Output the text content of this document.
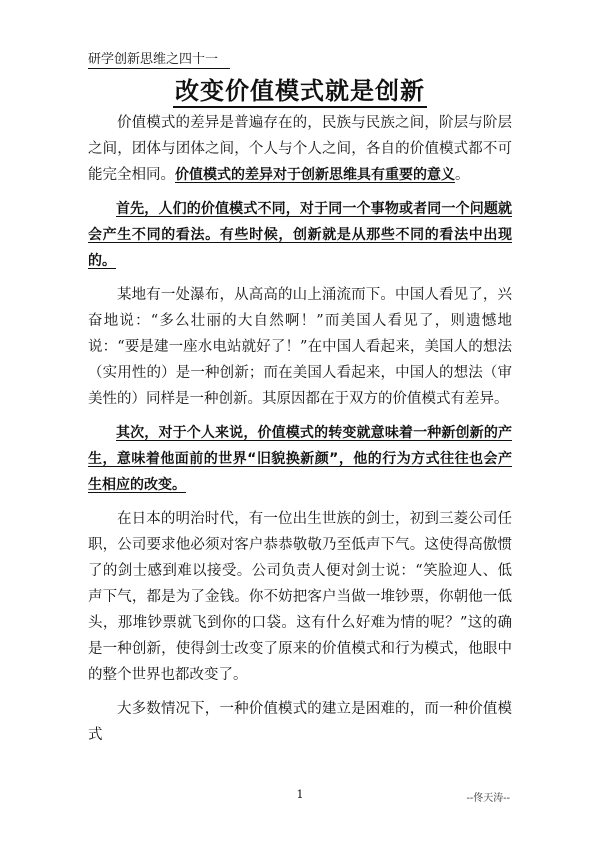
研学创新思维之四十一
改变价值模式就是创新

价值模式的差异是普遍存在的，民族与民族之间，阶层与阶层之间，团体与团体之间，个人与个人之间，各自的价值模式都不可能完全相同。价值模式的差异对于创新思维具有重要的意义。

首先，人们的价值模式不同，对于同一个事物或者同一个问题就会产生不同的看法。有些时候，创新就是从那些不同的看法中出现的。

某地有一处瀑布，从高高的山上涌流而下。中国人看见了，兴奋地说：“多么壮丽的大自然啊！”而美国人看见了，则遗憾地说：“要是建一座水电站就好了！”在中国人看起来，美国人的想法（实用性的）是一种创新；而在美国人看起来，中国人的想法（审美性的）同样是一种创新。其原因都在于双方的价值模式有差异。

其次，对于个人来说，价值模式的转变就意味着一种新创新的产生，意味着他面前的世界“旧貌换新颜”，他的行为方式往往也会产生相应的改变。

在日本的明治时代，有一位出生世族的剑士，初到三菱公司任职，公司要求他必须对客户恭恭敬敬乃至低声下气。这使得高傲惯了的剑士感到难以接受。公司负责人便对剑士说：“笑脸迎人、低声下气，都是为了金钱。你不妨把客户当做一堆钞票，你朝他一低头，那堆钞票就飞到你的口袋。这有什么好难为情的呢？”这的确是一种创新，使得剑士改变了原来的价值模式和行为模式，他眼中的整个世界也都改变了。

大多数情况下，一种价值模式的建立是困难的，而一种价值模式

1	--佟天涛--
